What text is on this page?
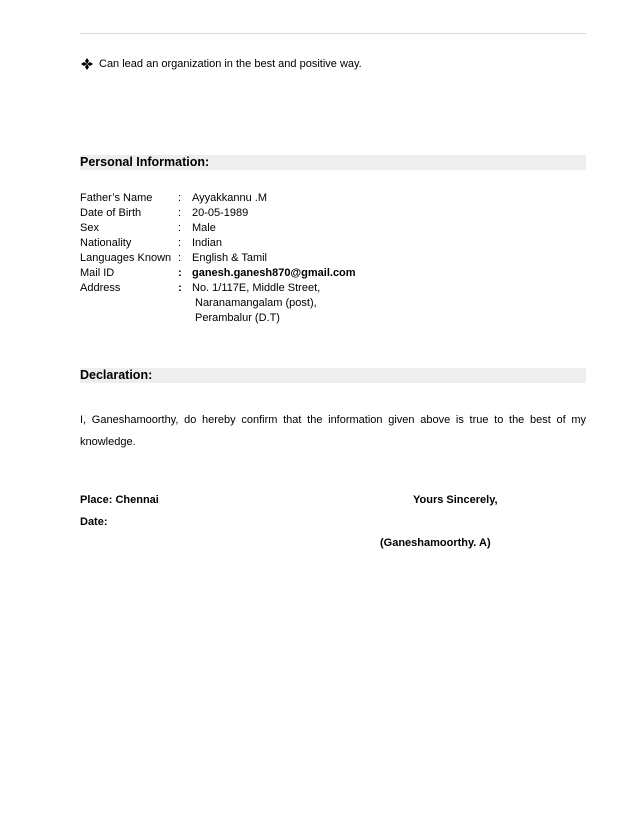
Can lead an organization in the best and positive way.
Personal Information:
Father’s Name : Ayyakkannu .M
Date of Birth	: 20-05-1989
Sex	: Male
Nationality	: Indian
Languages Known : English & Tamil
Mail ID	: ganesh.ganesh870@gmail.com
Address	: No. 1/117E, Middle Street,
Naranamangalam (post),
Perambalur (D.T)
Declaration:
I, Ganeshamoorthy, do hereby confirm that the information given above is true to the best of my knowledge.
Place: Chennai	Yours Sincerely,
Date:
(Ganeshamoorthy. A)
